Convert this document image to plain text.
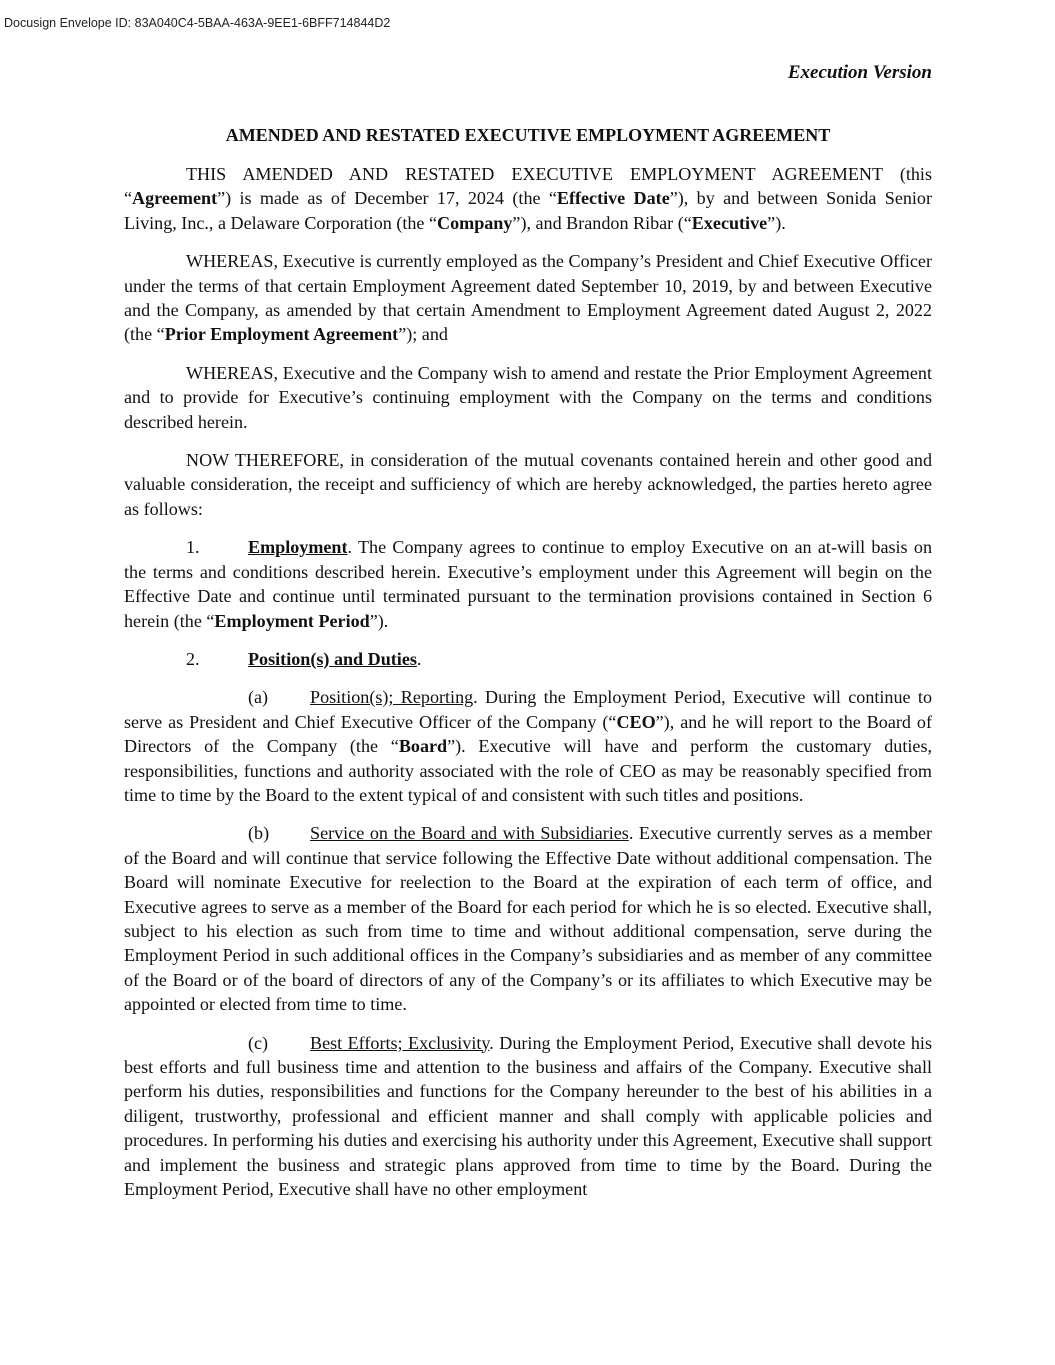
Docusign Envelope ID: 83A040C4-5BAA-463A-9EE1-6BFF714844D2
Execution Version
AMENDED AND RESTATED EXECUTIVE EMPLOYMENT AGREEMENT

THIS AMENDED AND RESTATED EXECUTIVE EMPLOYMENT AGREEMENT (this “Agreement”) is made as of December 17, 2024 (the “Effective Date”), by and between Sonida Senior Living, Inc., a Delaware Corporation (the “Company”), and Brandon Ribar (“Executive”).

WHEREAS, Executive is currently employed as the Company’s President and Chief Executive Officer under the terms of that certain Employment Agreement dated September 10, 2019, by and between Executive and the Company, as amended by that certain Amendment to Employment Agreement dated August 2, 2022 (the “Prior Employment Agreement”); and

WHEREAS, Executive and the Company wish to amend and restate the Prior Employment Agreement and to provide for Executive’s continuing employment with the Company on the terms and conditions described herein.

NOW THEREFORE, in consideration of the mutual covenants contained herein and other good and valuable consideration, the receipt and sufficiency of which are hereby acknowledged, the parties hereto agree as follows:

1.	Employment. The Company agrees to continue to employ Executive on an at-will basis on the terms and conditions described herein. Executive’s employment under this Agreement will begin on the Effective Date and continue until terminated pursuant to the termination provisions contained in Section 6 herein (the “Employment Period”).

2.	Position(s) and Duties.

(a) Position(s); Reporting. During the Employment Period, Executive will continue to serve as President and Chief Executive Officer of the Company (“CEO”), and he will report to the Board of Directors of the Company (the “Board”). Executive will have and perform the customary duties, responsibilities, functions and authority associated with the role of CEO as may be reasonably specified from time to time by the Board to the extent typical of and consistent with such titles and positions.

(b) Service on the Board and with Subsidiaries. Executive currently serves as a member of the Board and will continue that service following the Effective Date without additional compensation. The Board will nominate Executive for reelection to the Board at the expiration of each term of office, and Executive agrees to serve as a member of the Board for each period for which he is so elected. Executive shall, subject to his election as such from time to time and without additional compensation, serve during the Employment Period in such additional offices in the Company’s subsidiaries and as member of any committee of the Board or of the board of directors of any of the Company’s or its affiliates to which Executive may be appointed or elected from time to time.

(c) Best Efforts; Exclusivity. During the Employment Period, Executive shall devote his best efforts and full business time and attention to the business and affairs of the Company. Executive shall perform his duties, responsibilities and functions for the Company hereunder to the best of his abilities in a diligent, trustworthy, professional and efficient manner and shall comply with applicable policies and procedures. In performing his duties and exercising his authority under this Agreement, Executive shall support and implement the business and strategic plans approved from time to time by the Board. During the Employment Period, Executive shall have no other employment
